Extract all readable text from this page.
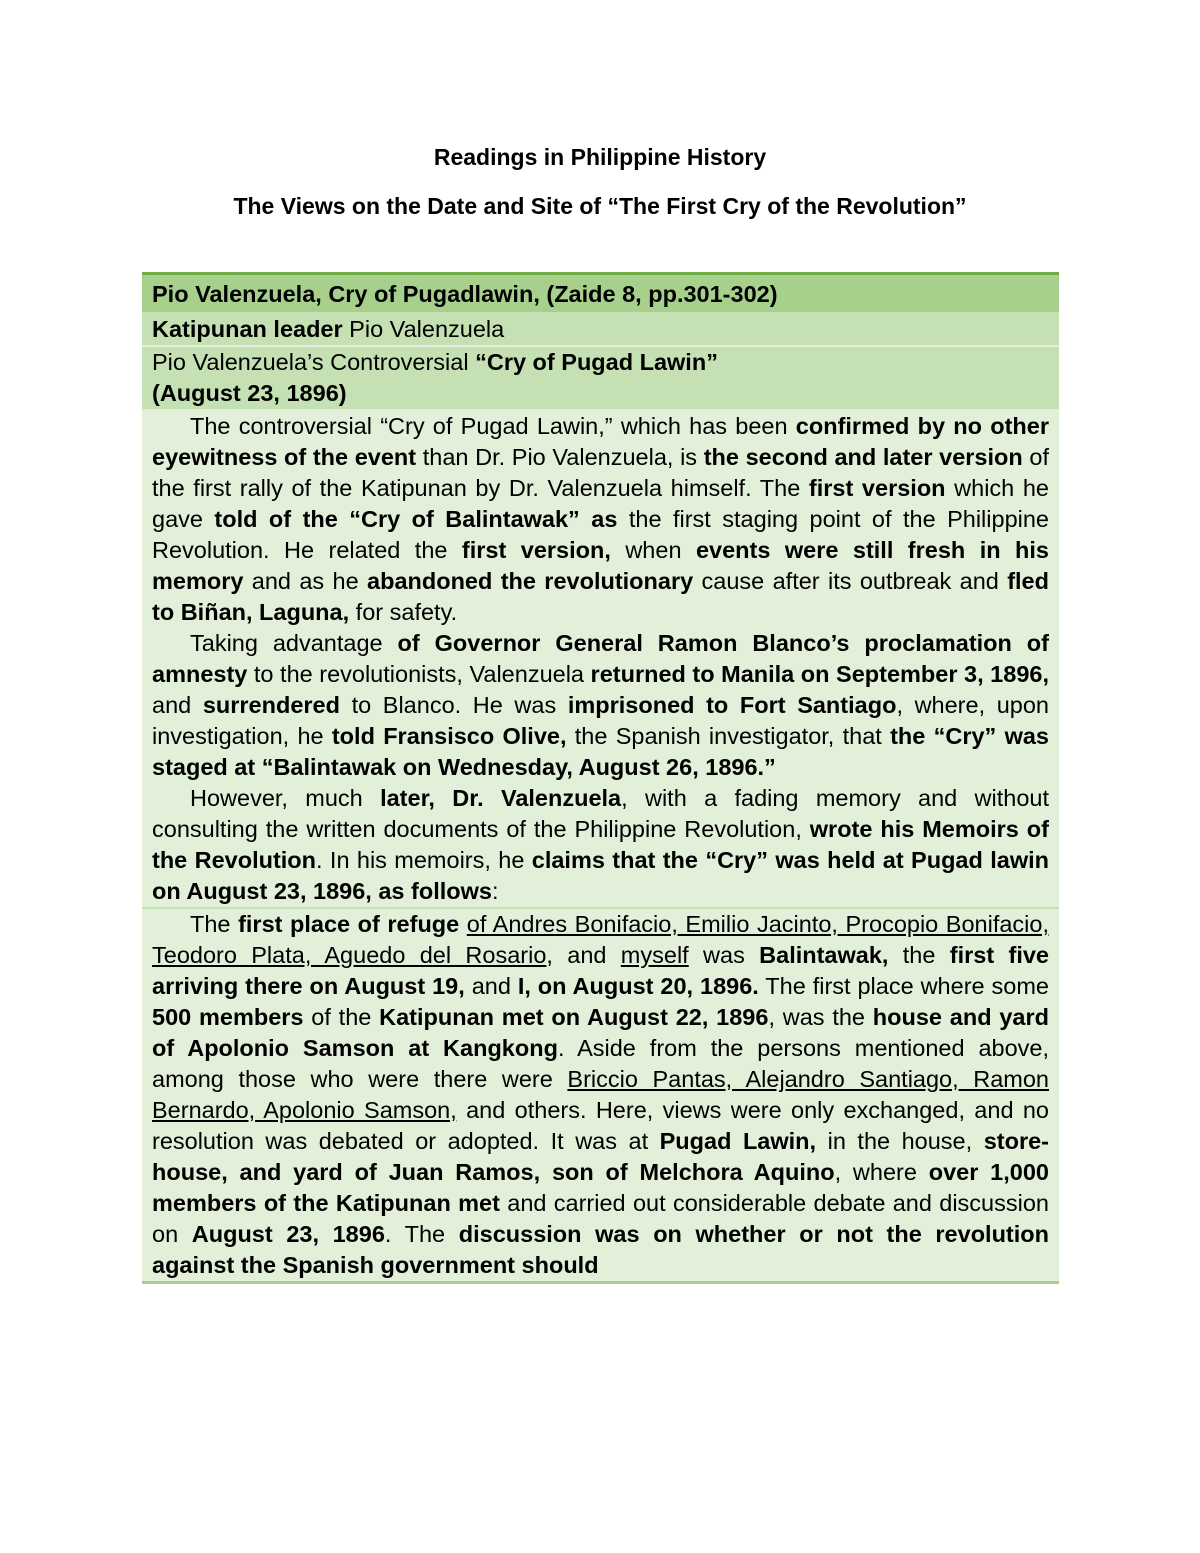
Readings in Philippine History
The Views on the Date and Site of “The First Cry of the Revolution”
Pio Valenzuela, Cry of Pugadlawin, (Zaide 8, pp.301-302)
Katipunan leader Pio Valenzuela
Pio Valenzuela’s Controversial “Cry of Pugad Lawin”
(August 23, 1896)

The controversial “Cry of Pugad Lawin,” which has been confirmed by no other eyewitness of the event than Dr. Pio Valenzuela, is the second and later version of the first rally of the Katipunan by Dr. Valenzuela himself. The first version which he gave told of the “Cry of Balintawak” as the first staging point of the Philippine Revolution. He related the first version, when events were still fresh in his memory and as he abandoned the revolutionary cause after its outbreak and fled to Biñan, Laguna, for safety.

Taking advantage of Governor General Ramon Blanco’s proclamation of amnesty to the revolutionists, Valenzuela returned to Manila on September 3, 1896, and surrendered to Blanco. He was imprisoned to Fort Santiago, where, upon investigation, he told Fransisco Olive, the Spanish investigator, that the “Cry” was staged at “Balintawak on Wednesday, August 26, 1896.”

However, much later, Dr. Valenzuela, with a fading memory and without consulting the written documents of the Philippine Revolution, wrote his Memoirs of the Revolution. In his memoirs, he claims that the “Cry” was held at Pugad lawin on August 23, 1896, as follows:

The first place of refuge of Andres Bonifacio, Emilio Jacinto, Procopio Bonifacio, Teodoro Plata, Aguedo del Rosario, and myself was Balintawak, the first five arriving there on August 19, and I, on August 20, 1896. The first place where some 500 members of the Katipunan met on August 22, 1896, was the house and yard of Apolonio Samson at Kangkong. Aside from the persons mentioned above, among those who were there were Briccio Pantas, Alejandro Santiago, Ramon Bernardo, Apolonio Samson, and others. Here, views were only exchanged, and no resolution was debated or adopted. It was at Pugad Lawin, in the house, store-house, and yard of Juan Ramos, son of Melchora Aquino, where over 1,000 members of the Katipunan met and carried out considerable debate and discussion on August 23, 1896. The discussion was on whether or not the revolution against the Spanish government should
